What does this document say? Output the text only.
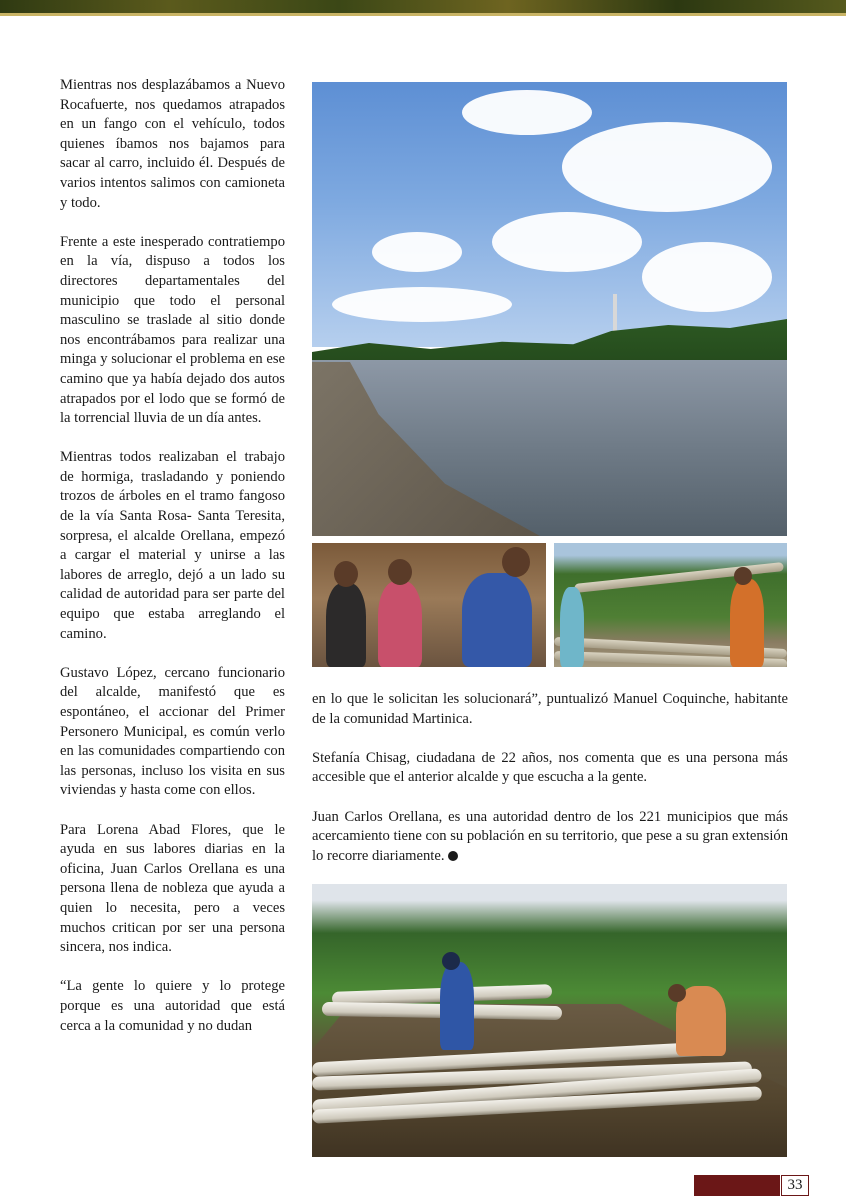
Mientras nos desplazábamos a Nuevo Rocafuerte, nos quedamos atrapados en un fango con el vehículo, todos quienes íbamos nos bajamos para sacar al carro, incluido él. Después de varios intentos salimos con camioneta y todo.

Frente a este inesperado contratiempo en la vía, dispuso a todos los directores departamentales del municipio que todo el personal masculino se traslade al sitio donde nos encontrábamos para realizar una minga y solucionar el problema en ese camino que ya había dejado dos autos atrapados por el lodo que se formó de la torrencial lluvia de un día antes.

Mientras todos realizaban el trabajo de hormiga, trasladando y poniendo trozos de árboles en el tramo fangoso de la vía Santa Rosa- Santa Teresita, sorpresa, el alcalde Orellana, empezó a cargar el material y unirse a las labores de arreglo, dejó a un lado su calidad de autoridad para ser parte del equipo que estaba arreglando el camino.

Gustavo López, cercano funcionario del alcalde, manifestó que es espontáneo, el accionar del Primer Personero Municipal, es común verlo en las comunidades compartiendo con las personas, incluso los visita en sus viviendas y hasta come con ellos.

Para Lorena Abad Flores, que le ayuda en sus labores diarias en la oficina, Juan Carlos Orellana es una persona llena de nobleza que ayuda a quien lo necesita, pero a veces muchos critican por ser una persona sincera, nos indica.

“La gente lo quiere y lo protege porque es una autoridad que está cerca a la comunidad y no dudan

en lo que le solicitan les solucionará”, puntualizó Manuel Coquinche, habitante de la comunidad Martinica.

Stefanía Chisag, ciudadana de 22 años, nos comenta que es una persona más accesible que el anterior alcalde y que escucha a la gente.

Juan Carlos Orellana, es una autoridad dentro de los 221 municipios que más acercamiento tiene con su población en su territorio, que pese a su gran extensión lo recorre diariamente.

33
